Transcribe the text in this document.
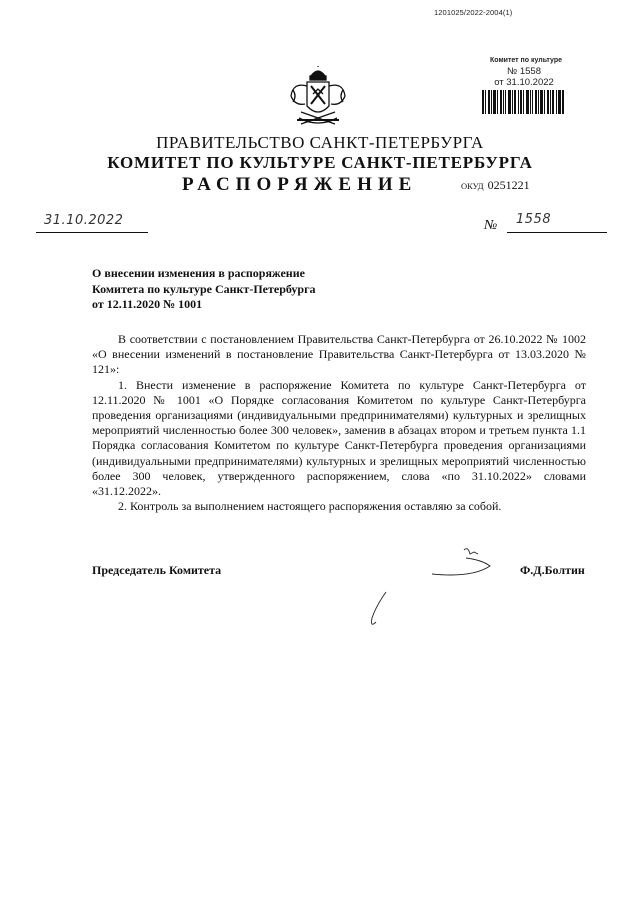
1201025/2022-2004(1)
Комитет по культуре
№ 1558
от 31.10.2022
ПРАВИТЕЛЬСТВО САНКТ-ПЕТЕРБУРГА
КОМИТЕТ ПО КУЛЬТУРЕ САНКТ-ПЕТЕРБУРГА
РАСПОРЯЖЕНИЕ	ОКУД 0251221
31.10.2022	№ 1558
О внесении изменения в распоряжение
Комитета по культуре Санкт-Петербурга
от 12.11.2020 № 1001

В соответствии с постановлением Правительства Санкт-Петербурга от 26.10.2022 № 1002 «О внесении изменений в постановление Правительства Санкт-Петербурга от 13.03.2020 № 121»:

1. Внести изменение в распоряжение Комитета по культуре Санкт-Петербурга от 12.11.2020 № 1001 «О Порядке согласования Комитетом по культуре Санкт-Петербурга проведения организациями (индивидуальными предпринимателями) культурных и зрелищных мероприятий численностью более 300 человек», заменив в абзацах втором и третьем пункта 1.1 Порядка согласования Комитетом по культуре Санкт-Петербурга проведения организациями (индивидуальными предпринимателями) культурных и зрелищных мероприятий численностью более 300 человек, утвержденного распоряжением, слова «по 31.10.2022» словами «31.12.2022».

2. Контроль за выполнением настоящего распоряжения оставляю за собой.

Председатель Комитета	Ф.Д.Болтин
